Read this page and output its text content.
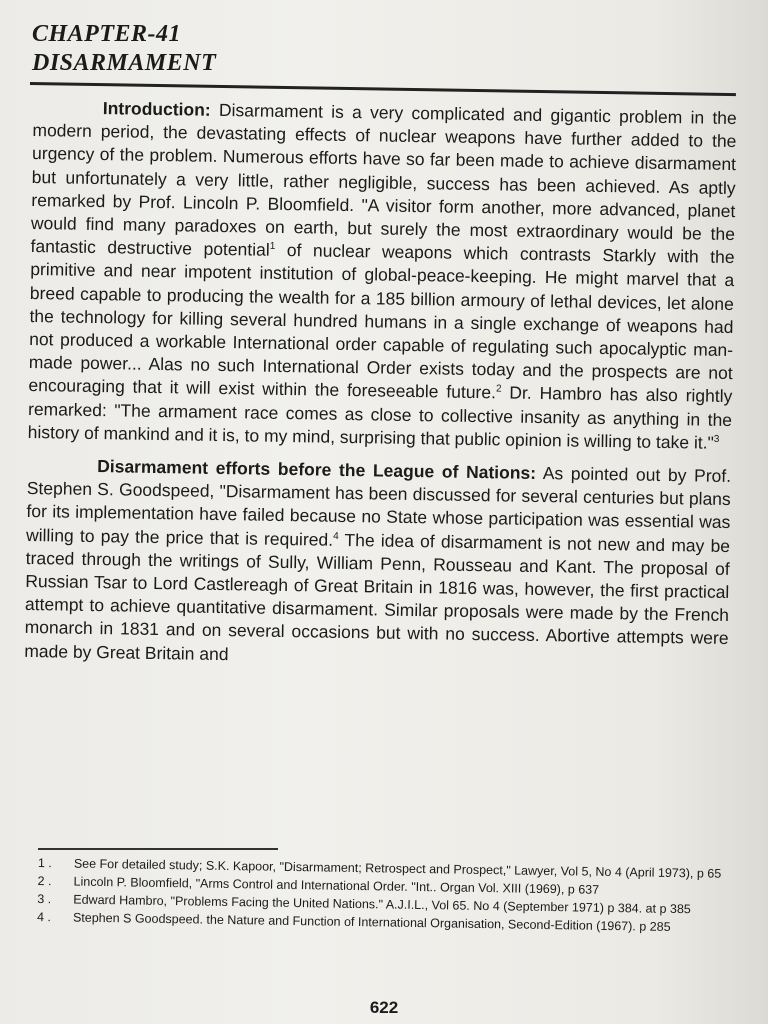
CHAPTER-41
DISARMAMENT

Introduction: Disarmament is a very complicated and gigantic problem in the modern period, the devastating effects of nuclear weapons have further added to the urgency of the problem. Numerous efforts have so far been made to achieve disarmament but unfortunately a very little, rather negligible, success has been achieved. As aptly remarked by Prof. Lincoln P. Bloomfield. "A visitor form another, more advanced, planet would find many paradoxes on earth, but surely the most extraordinary would be the fantastic destructive potential$^1$ of nuclear weapons which contrasts Starkly with the primitive and near impotent institution of global-peace-keeping. He might marvel that a breed capable to producing the wealth for a 185 billion armoury of lethal devices, let alone the technology for killing several hundred humans in a single exchange of weapons had not produced a workable International order capable of regulating such apocalyptic man-made power... Alas no such International Order exists today and the prospects are not encouraging that it will exist within the foreseeable future.$^2$ Dr. Hambro has also rightly remarked: "The armament race comes as close to collective insanity as anything in the history of mankind and it is, to my mind, surprising that public opinion is willing to take it."$^3$

Disarmament efforts before the League of Nations: As pointed out by Prof. Stephen S. Goodspeed, "Disarmament has been discussed for several centuries but plans for its implementation have failed because no State whose participation was essential was willing to pay the price that is required.$^4$ The idea of disarmament is not new and may be traced through the writings of Sully, William Penn, Rousseau and Kant. The proposal of Russian Tsar to Lord Castlereagh of Great Britain in 1816 was, however, the first practical attempt to achieve quantitative disarmament. Similar proposals were made by the French monarch in 1831 and on several occasions but with no success. Abortive attempts were made by Great Britain and

1 .	See For detailed study; S.K. Kapoor, "Disarmament; Retrospect and Prospect," Lawyer, Vol 5, No 4 (April 1973), p 65
2 .	Lincoln P. Bloomfield, "Arms Control and International Order. "Int.. Organ Vol. XIII (1969), p 637
3 .	Edward Hambro, "Problems Facing the United Nations." A.J.I.L., Vol 65. No 4 (September 1971) p 384. at p 385
4 .	Stephen S Goodspeed. the Nature and Function of International Organisation, Second-Edition (1967). p 285
622
